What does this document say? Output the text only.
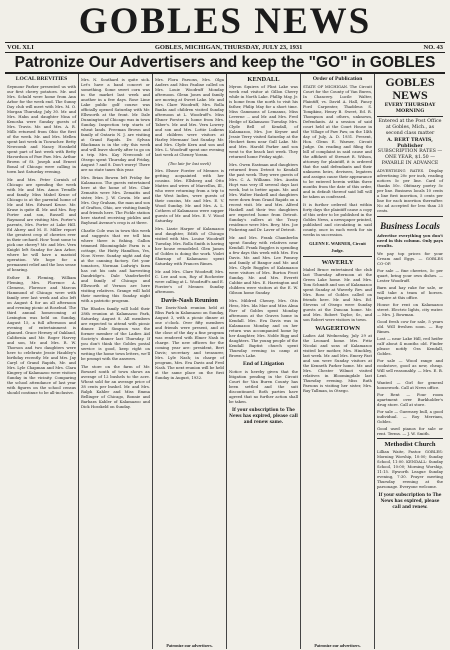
GOBLES NEWS
VOL XLI	GOBLES, MICHIGAN, THURSDAY, JULY 23, 1931	NO. 43
Patronize Our Advertisers and keep the "GO" in GOBLES
LOCAL BREVITIES

Seymour Parker presented us with our first cherry potatoes. Mr. and Mrs. Schuld were home from Ann Arbor for the week end. The Sunny Day club will meet with Mrs. M. O. Morgan Thursday, July 30. Mr. and Mrs. Hahn and daughter Nina of Kenosha were Sunday guests of Mrs. Travis. Mr. and Mrs. A. R. Mills returned from Ohio the first of the week. Mr. and Mrs. Mellen spent last week in Tiowacher. Betty Newcomb and Nancy Hosskeld spent part of last week with Betty Havordson of Paw Paw. Mrs. Arthur Brown of St. Joseph and Ernest Bonal of Chicago were calling in town last Saturday evening.

Mr. and Mrs. Peter Cornish of Chicago are spending the week with Mr. and Mrs. Amos Trendle and family. Miss Mabel Kruse of Chicago is at the parental home of Mr. and Mrs. Edward Kruse. Mr. Kruse is quite ill. Mr. and Mrs. Roy Porter and son, Russell and Raymond are visiting Mrs. Porter's parents, Mrs. Porter at Lake Hill. Ed Ahrey and M. E. Miller report the greatest crop of cherries ever in their orchard. How 'bout some to pick one cherry? Mr. and Mrs. Vern Knight left Sunday for Ann Arbor, where he will have a mastoid operation. We hope for a permanent relief and the loss sense of hearing.

Esther B. Fleming, William Fleming, Mrs. Florence A. Clemens, Florence and Marcus Hammond of Chicago were with family over last week and also left on August 4 for an all afternoon and evening picnic at Rosebud. The third annual homecoming at Lexington was held on Sunday, August 15, a full afternoon and evening of entertainment is planned. Grace Herney of Oakland, California and Mr. Roger Harvey and son, Mr. and Mrs. R. W. Thorson and two daughters were here to celebrate Jessie Haubley's birthday recently. Mr. and Mrs. Jay Caryl of Grand Rapids, Mr. and Mrs. Lyle Chapman and Mrs. Clara Kingery of Kalamazoo were visitors Sunday in the vicinity. Comparing the school attendance of last year with figures on the school census should continue to be all-inclusive.

Mrs. N. Southard is quite sick. Let's have a band concert or something. Some sweet corn was in the market last week and another in a few days. Rose Lime Lake public golf course was officially opened Saturday with Mr. Ellsworth at the front. Mr. Dale Dunnington of Chicago was in town Sunday. Inspection trip starts of wheat lands. Freeman Brown and family of Ontario N. J. are visiting at Grand Rapids. Dr. Sylvan Blackman is in the city this week and will leave shortly after to go on a trip. Mrs. Kay Newcomb of Otsego spent Thursday and Friday, August 7 and 8. Don't worry! There are no state taxes this year.

Mrs. Brian Bowen left Friday for Kalamazoo. The guests entertained here at the home of Mrs. Clair Zemaitis were Mrs. Zemaitis and sister, Mrs. J. W. Cowin. Mr. and Mrs. Guy Graham, the man and son of Grafton, Ohio, are visiting family and friends here. The Pickle station here started receiving pickles and Bayhead Avenue's crop is at three.

Charlie Cole was in town this week and suggests that we tell him where there is fishing. Gallon trimmed Bloomingdale Farm is a cottage, the Hutty Hamilton, Yes, Now. Never. Sunday night and day at the canning factory. Get your tomatoes, Norman Ludwig's farm has cut his oats and harvesting Dandridge's. Dale Vanderherfel and family of Chicago and Ellsworth of Vernon are here visiting relatives. Grange will hold their meeting this Sunday night with a patriotic program.

The Rhodes family will hold their 28th reunion at Kalamazoo Park, Saturday, August 8. All members are expected to attend with picnic dinner. Dale Simpson was the former member of the Ladies Aid Society's dinner last Thursday. If you don't think the Gobles postal service is good, keep right on writing the home town letters, we'll be prompt with the answers.

The store on the farm of Mr. Boward south of town shows an average of 12 bushels to the acre. Wheat sold for an average price of 38 cents per bushel. Mr. and Mrs. Ralph Kahler and Miss Emma Bellinger of Chicago, Bonnie and Barbara Kahler of Kalamazoo and Dick Hosskeld on Sunday.

Mrs. Flora Parsons, Mrs. Olga Anders and Miss Pauline called on Mrs. Louie Woodruff Monday afternoon. Glenn Jones and family are moving at Sweet Lake. Mr. and Mrs. Clare Woodruff, Mrs. Rolla Banks and children visited Sunday afternoon at L. Woodruff's. Miss Elsner Forster is home from Mrs. Taber's. Mr. and Mrs. Vern Lowery and son and Mrs. Lottie Luikens and children were visitors at Harley Mermans' last Sunday. Mr. and Mrs. Clyde Kern and son and Mrs. L. Woodruff spent one evening last week at Cheney Yoram.

(Too late for last week)

Mrs. Elsner Forster of Mennes is getting acquainted with her cousins. Mrs. Ellsberg and Otto Mattes and wives of Marcellus, Ill., who were returning from a trip to the West Indies, were guests of their cousins, Mr. and Mrs. E. V. Wood Sunday. Mr. and Mrs. A. L. Cothern of Kalamazoo were supper guests of Mr. and Mrs. E. V. Wood Saturday.

Mrs. Lizzie Harper of Kalamazoo and daughter, Edith of Chicago visited with Mrs. Louise Woodruff Tuesday. Mrs. Rolla Smith is having her house remodeled. Glen James of Gobles is doing the work. Violet Sharnap of Kalamazoo spent Saturday with Frances Rimes.

Mr. and Mrs. Clare Woodruff, Mrs. C. Lee and son, Roy of Rochester were calling at L. Woodruff's and E. Forster's of Mennes Sunday afternoon.

Davis-Nash Reunion

The Davis-Nash reunion held at Bliss Park in Kalamazoo on Sunday, August 3, with a picnic dinner at one o'clock. Over fifty members and friends were present, and at the close of the day a fine program was rendered with Elmer Nash in charge. The new officers for the coming year are: president, Bert Davis; secretary and treasurer, Mrs. Lyle Nash; in charge of program, Mrs. Eva Davis and Fred Nash. The next reunion will be held at the same place on the first Sunday in August, 1932.

Patronize our advertisers.
KENDALL

Myron Squires of Flint Lake was week end visitor at Gillon Cherry while in North Lake. Phillip May, Jr. is home from the north to visit his father, Philip May for a short time. Miss Gammons of Lemanus, Miss Leverne ... and Mr. and Mrs. Fred Hedge of Kalamazoo Tuesday. Mrs. Clyde Bell of Kendall, of Kalamazoo, Mrs. Joe Keyser and Jessie Terry visited Saturday at the Heckert farm near Gull Lake. Mr. and Mrs. Harold Parker and son went to the beach last week. They returned home Friday night.

Mrs. Owen Eastman and daughters returned from Detroit to Kendall the past week. They were guests of Mrs. C. A. Williams. Mrs. Austin Hoyt was very ill several days last week, but is better again. Mr. and Mrs. Walter Haskell and daughters were down from Grand Rapids on a recent visit. Mr. and Mrs. Alfred Haskell and their two daughters are expected home from Detroit. Sunday's callers at the Tracy residence were Mrs. Brey, Mrs. Joe Pickering and Dr. Laver of Detroit.

Mr. and Mrs. Frank Chamberlin spent Sunday with relatives near Kendall. Frank Ruggles is spending a few days this week with Mrs. Eva Davis. Mr. and Mrs. Lee Pomroy and family of Bangor and Mr. and Mrs. Clyde Ruggles of Kalamazoo were visitors of Mrs. Burton Frost Sunday. Mr. and Mrs. Everett Cabbie and Mrs. E. Harrington and children were visitors at the E. W. Gibson home Sunday.

Mrs. Mildred Cheney, Mrs. Otis Hess, Mrs. Ida Mae and Miss Alma Farr of Gobles spent Monday afternoon at the Graves home in Kendall. Mrs. Eva Davis was in Kalamazoo Monday and on her return was accompanied home by her daughter, Mrs. Noble Rigg and daughters. The young people of the Kendall Baptist church spent Thursday evening in camp at Brown's Lake.

End of Litigation

Notice is hereby given that the litigation pending in the Circuit Court for Van Buren County has been settled and the suit discontinued. Both parties have agreed that no further action shall be taken.

If your subscription to The News has expired, please call and renew same.
Order of Publication

STATE OF MICHIGAN. The Circuit Court for the County of Van Buren, In Chancery. Lucile Walter, Plaintiff, vs. David A. Hall, Fancy Ford Carpenter, Thaddeus S. Tompkins, Henry B. Sweet, Ed. R. Thompson and others, unknown, Defendants. At a session of said court held at the Court House in the Village of Paw Paw, on the 14th day of July, A. D. 1931. Present, Hon. Glenn E. Warner, Circuit Judge. On reading and filing the bill of complaint in said cause and the affidavit of Stewart R. Wilson, attorney for plaintiff, it is ordered that the said defendants and their unknown heirs, devisees, legatees and assigns cause their appearance to be entered herein within three months from the date of this order, and in default thereof said bill will be taken as confessed.

It is further ordered that within forty days the plaintiff cause a copy of this order to be published in the Gobles News, a newspaper printed, published and circulating in said county, once in each week for six weeks in succession.

GLENN E. WARNER, Circuit Judge.
WAVERLY

Mabel Bruce entertained the club last Thursday afternoon at the Green Lake home. Mr. and Mrs. Tom Schmidt and son of Kalamazoo spent Sunday at Waverly. Rev. and Mrs. Ross of Gobles called on friends here. Mr. and Mrs. Ed. Stevens of Otsego were Sunday guests at the Duncan home. Mr. and Mrs. Robert Taylor, Sr., and son Robert were visitors in town.

WAGERTOWN

Ladies Aid Wednesday, July 29 at the Leonard home. Mrs. Fritz Nicolai and sons of Kalamazoo visited her mother, Mrs. Hinckley, last week. Mr. and Mrs. Emery Fast and son were Sunday visitors at the Kenneth Parker home. Mr. and Mrs. Chester Wilmot visited relatives in Bloomingdale last Thursday evening. Miss Ruth Parsons is visiting her sister, Mrs. Ray Tallman, in Otsego.

Patronize our advertisers.
GOBLES NEWS
EVERY THURSDAY MORNING
Entered at the Post Office at Gobles, Mich., as second class matter
A. BERT TRAVIS, Publisher
SUBSCRIPTION RATES — ONE YEAR, $1.50 — PAYABLE IN ADVANCE

ADVERTISING RATES. Display advertising 20c per inch, reading notices 5c per line. Card of thanks 50c. Obituary poetry 5c per line. Business locals 10 cents a line first insertion, 5 cents per line for each insertion thereafter. No ad accepted for less than 25 cents.

Business Locals

Advertise everything you don't need in this column. Only pays results.

We pay top prices for your Cream and Eggs. — GOBLES CO-OP.
For sale — fine cherries, 5c per quart, bring your own dishes. — Lester Woodruff.
Barn and hay rake for sale, or will take a team of horses. Inquire at this office.
House for rent on Kalamazoo street. Electric lights, city water. — Mrs. J. Bowman.
Good fresh cow for sale, 5 years old. Will freshen soon. — Roy Rimes.
Lost — near Lake Hill, red heifer calf about 4 months old. Finder please notify Ora Kendall, Gobles.
For sale — Wood range and cookstove, good as new, cheap. Will sell reasonably. — Mrs. E. B. Lent.
Wanted — Girl for general housework. Call at News office.
For Rent — Four room apartment over Burkholder's drug store. Call at store.
For sale — Guernsey bull, a good individual. — Roy Merriam, Gobles.
Good used pianos for sale or rent. Terms. — J. W. Smith.
Methodist Church

Lillian Waite, Pastor. GOBLES: Morning Worship, 10:00; Sunday School, 11:00. KENDALL: Sunday School, 10:00; Morning Worship, 11:15. Epworth League Sunday evening, 7:30. Prayer meeting Thursday evening at the parsonage. Everyone welcome.

If your subscription to The News has expired, please call and renew.
